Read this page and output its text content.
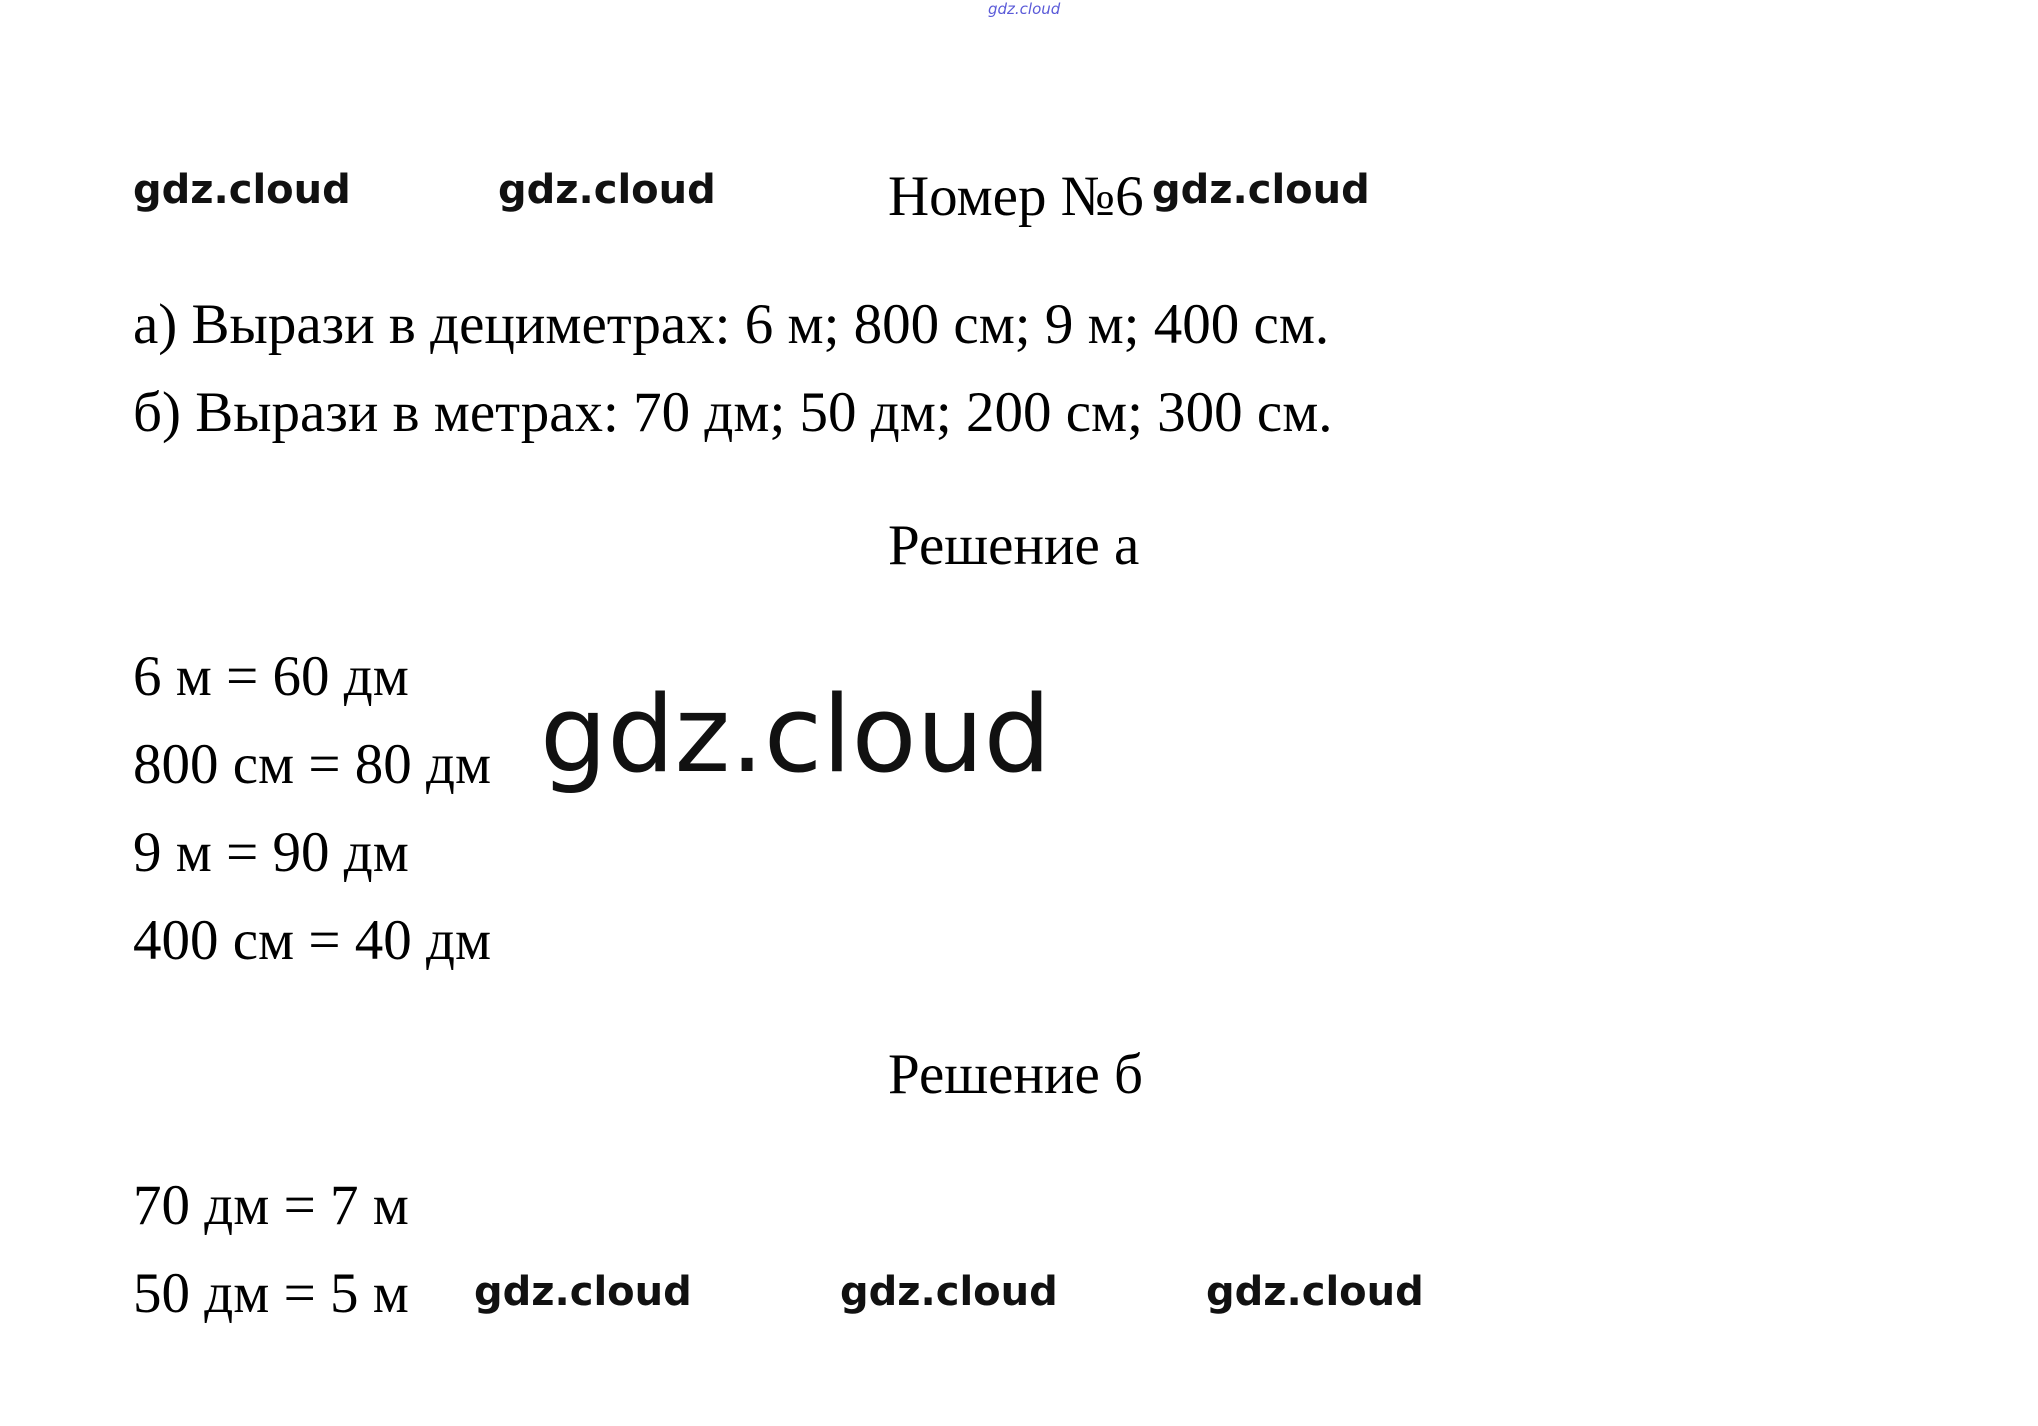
gdz.cloud
gdz.cloud	gdz.cloud	Номер №6 gdz.cloud
а) Вырази в дециметрах: 6 м; 800 см; 9 м; 400 см.
б) Вырази в метрах: 70 дм; 50 дм; 200 см; 300 см.
Решение а
6 м = 60 дм
800 см = 80 дм
9 м = 90 дм
400 см = 40 дм
gdz.cloud
Решение б
70 дм = 7 м
50 дм = 5 м gdz.cloud	gdz.cloud	gdz.cloud
